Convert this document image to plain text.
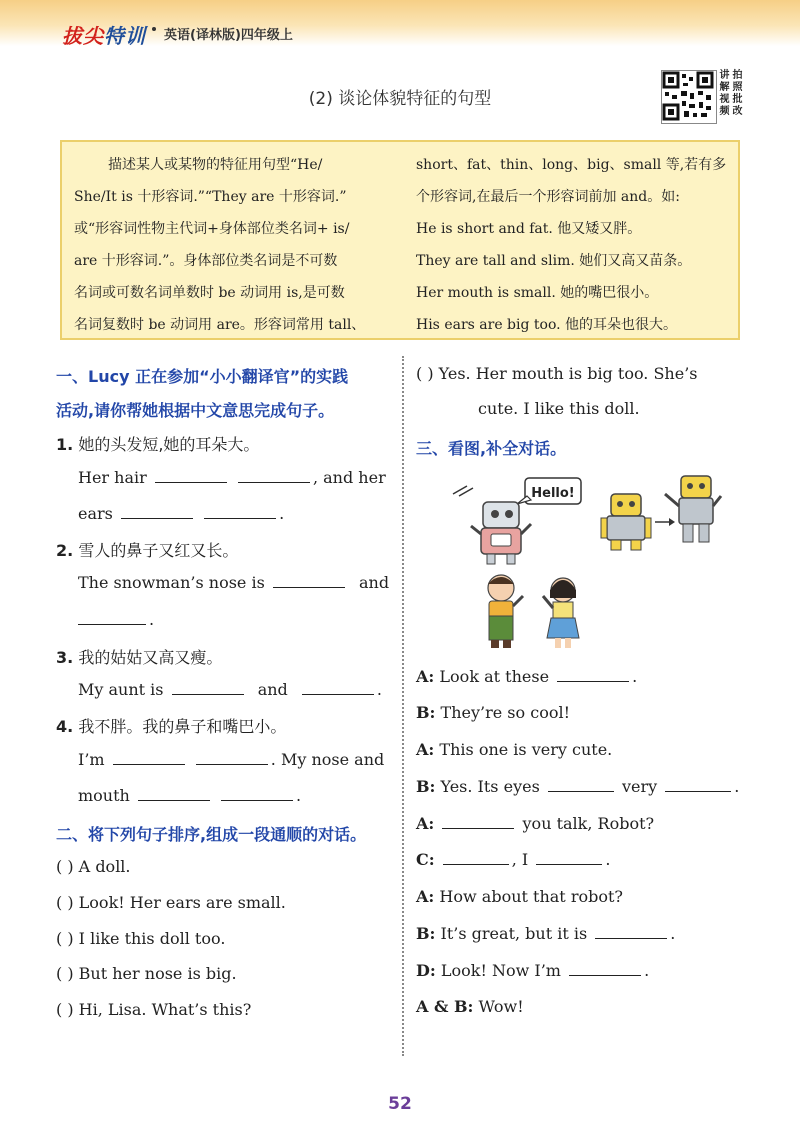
拔尖特训 英语(译林版)四年级上
(2) 谈论体貌特征的句型
讲 拍
解 照
视 批
频 改
描述某人或某物的特征用句型“He/
She/It is 十形容词.”“They are 十形容词.”
或“形容词性物主代词+身体部位类名词+ is/
are 十形容词.”。身体部位类名词是不可数
名词或可数名词单数时 be 动词用 is,是可数
名词复数时 be 动词用 are。形容词常用 tall、
short、fat、thin、long、big、small 等,若有多
个形容词,在最后一个形容词前加 and。如:
He is short and fat. 他又矮又胖。
They are tall and slim. 她们又高又苗条。
Her mouth is small. 她的嘴巴很小。
His ears are big too. 他的耳朵也很大。
一、Lucy 正在参加“小小翻译官”的实践
活动,请你帮她根据中文意思完成句子。
1. 她的头发短,她的耳朵大。
Her hair	, and her
ears	.
2. 雪人的鼻子又红又长。
The snowman’s nose is	and
.
3. 我的姑姑又高又瘦。
My aunt is	and	.
4. 我不胖。我的鼻子和嘴巴小。
I’m	. My nose and
mouth	.
二、将下列句子排序,组成一段通顺的对话。
( ) A doll.
( ) Look! Her ears are small.
( ) I like this doll too.
( ) But her nose is big.
( ) Hi, Lisa. What’s this?
( ) Yes. Her mouth is big too. She’s
cute. I like this doll.
三、看图,补全对话。
Hello!
A: Look at these	.
B: They’re so cool!
A: This one is very cute.
B: Yes. Its eyes	very	.
A:	you talk, Robot?
C:	, I	.
A: How about that robot?
B: It’s great, but it is	.
D: Look! Now I’m	.
A & B: Wow!
52
